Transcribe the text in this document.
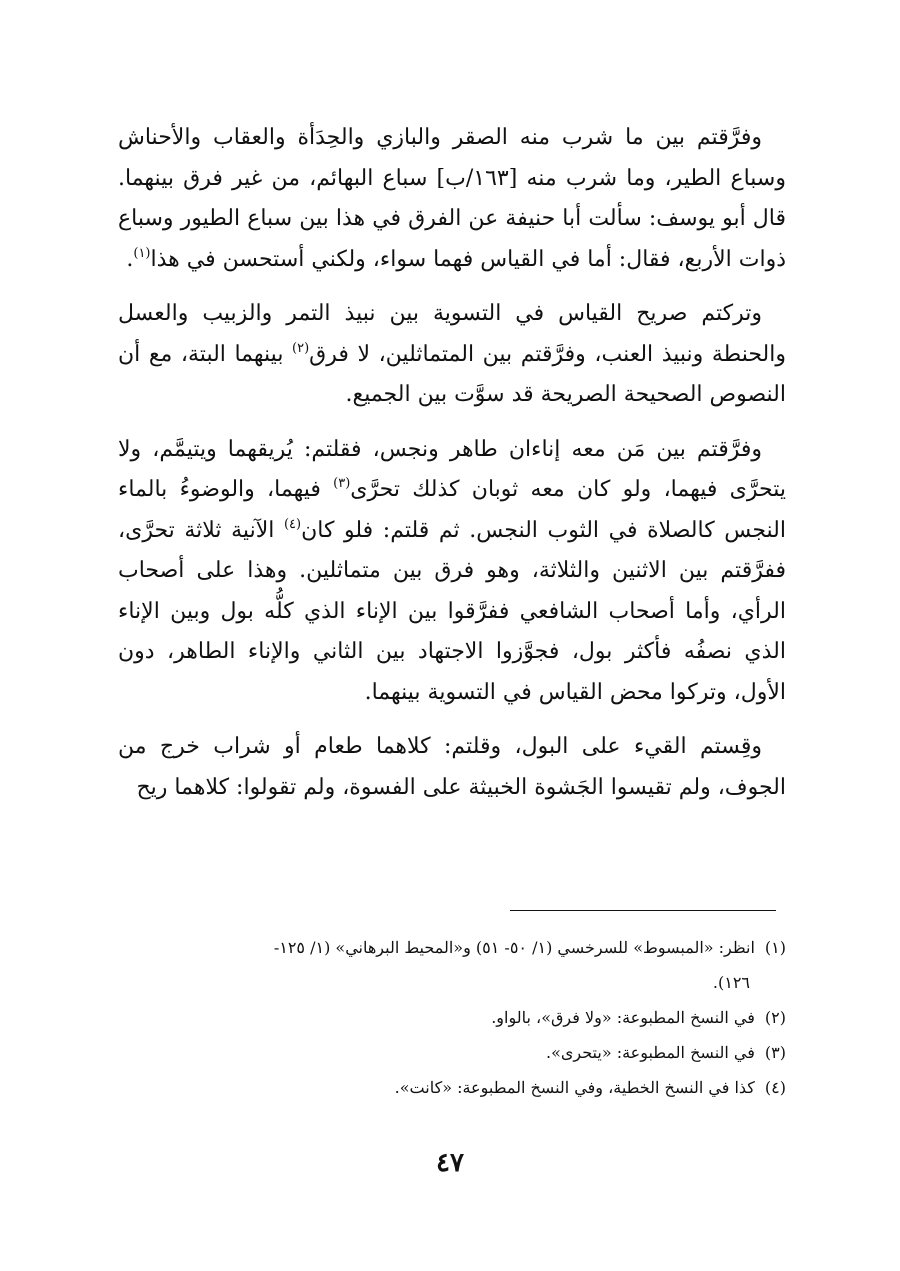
وفرَّقتم بين ما شرب منه الصقر والبازي والحِدَأة والعقاب والأحناش وسباع الطير، وما شرب منه [١٦٣/ب] سباع البهائم، من غير فرق بينهما. قال أبو يوسف: سألت أبا حنيفة عن الفرق في هذا بين سباع الطيور وسباع ذوات الأربع، فقال: أما في القياس فهما سواء، ولكني أستحسن في هذا$^{(١)}$.

وتركتم صريح القياس في التسوية بين نبيذ التمر والزبيب والعسل والحنطة ونبيذ العنب، وفرَّقتم بين المتماثلين، لا فرق$^{(٢)}$ بينهما البتة، مع أن النصوص الصحيحة الصريحة قد سوَّت بين الجميع.

وفرَّقتم بين مَن معه إناءان طاهر ونجس، فقلتم: يُريقهما ويتيمَّم، ولا يتحرَّى فيهما، ولو كان معه ثوبان كذلك تحرَّى$^{(٣)}$ فيهما، والوضوءُ بالماء النجس كالصلاة في الثوب النجس. ثم قلتم: فلو كان$^{(٤)}$ الآنية ثلاثة تحرَّى، ففرَّقتم بين الاثنين والثلاثة، وهو فرق بين متماثلين. وهذا على أصحاب الرأي، وأما أصحاب الشافعي ففرَّقوا بين الإناء الذي كلُّه بول وبين الإناء الذي نصفُه فأكثر بول، فجوَّزوا الاجتهاد بين الثاني والإناء الطاهر، دون الأول، وتركوا محض القياس في التسوية بينهما.

وقِستم القيء على البول، وقلتم: كلاهما طعام أو شراب خرج من الجوف، ولم تقيسوا الجَشوة الخبيثة على الفسوة، ولم تقولوا: كلاهما ريح

(١)انظر: «المبسوط» للسرخسي (١/ ٥٠- ٥١) و«المحيط البرهاني» (١/ ١٢٥-
١٢٦).

(٢)في النسخ المطبوعة: «ولا فرق»، بالواو.

(٣)في النسخ المطبوعة: «يتحرى».

(٤)كذا في النسخ الخطية، وفي النسخ المطبوعة: «كانت».

٤٧
